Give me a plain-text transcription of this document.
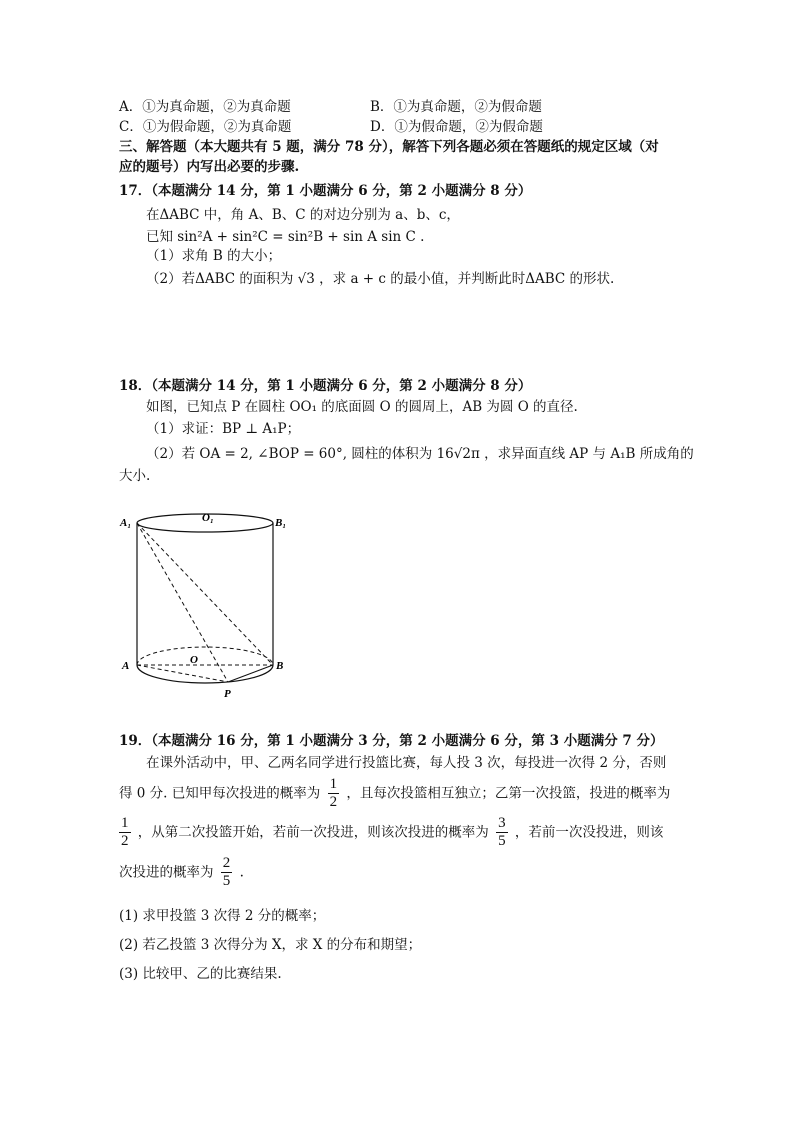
A．①为真命题，②为真命题	B．①为真命题，②为假命题
C．①为假命题，②为真命题	D．①为假命题，②为假命题
三、解答题（本大题共有 5 题，满分 78 分），解答下列各题必须在答题纸的规定区域（对
应的题号）内写出必要的步骤.
17．（本题满分 14 分，第 1 小题满分 6 分，第 2 小题满分 8 分）
在ΔABC 中，角 A、B、C 的对边分别为 a、b、c，
已知 sin²A + sin²C = sin²B + sin A sin C .
（1）求角 B 的大小；
（2）若ΔABC 的面积为 √3 ，求 a + c 的最小值，并判断此时ΔABC 的形状.
18．（本题满分 14 分，第 1 小题满分 6 分，第 2 小题满分 8 分）
如图，已知点 P 在圆柱 OO₁ 的底面圆 O 的圆周上，AB 为圆 O 的直径.
（1）求证：BP ⊥ A₁P；
（2）若 OA = 2, ∠BOP = 60°, 圆柱的体积为 16√2π ，求异面直线 AP 与 A₁B 所成角的
大小.
A₁	O₁	B₁
A	O	B
P
19．（本题满分 16 分，第 1 小题满分 3 分，第 2 小题满分 6 分，第 3 小题满分 7 分）
在课外活动中，甲、乙两名同学进行投篮比赛，每人投 3 次，每投进一次得 2 分，否则
得 0 分. 已知甲每次投进的概率为 $\frac{1}{2}$ ，且每次投篮相互独立；乙第一次投篮，投进的概率为
$\frac{1}{2}$ ，从第二次投篮开始，若前一次投进，则该次投进的概率为 $\frac{3}{5}$ ，若前一次没投进，则该
次投进的概率为 $\frac{2}{5}$ .
(1) 求甲投篮 3 次得 2 分的概率；
(2) 若乙投篮 3 次得分为 X，求 X 的分布和期望；
(3) 比较甲、乙的比赛结果.
